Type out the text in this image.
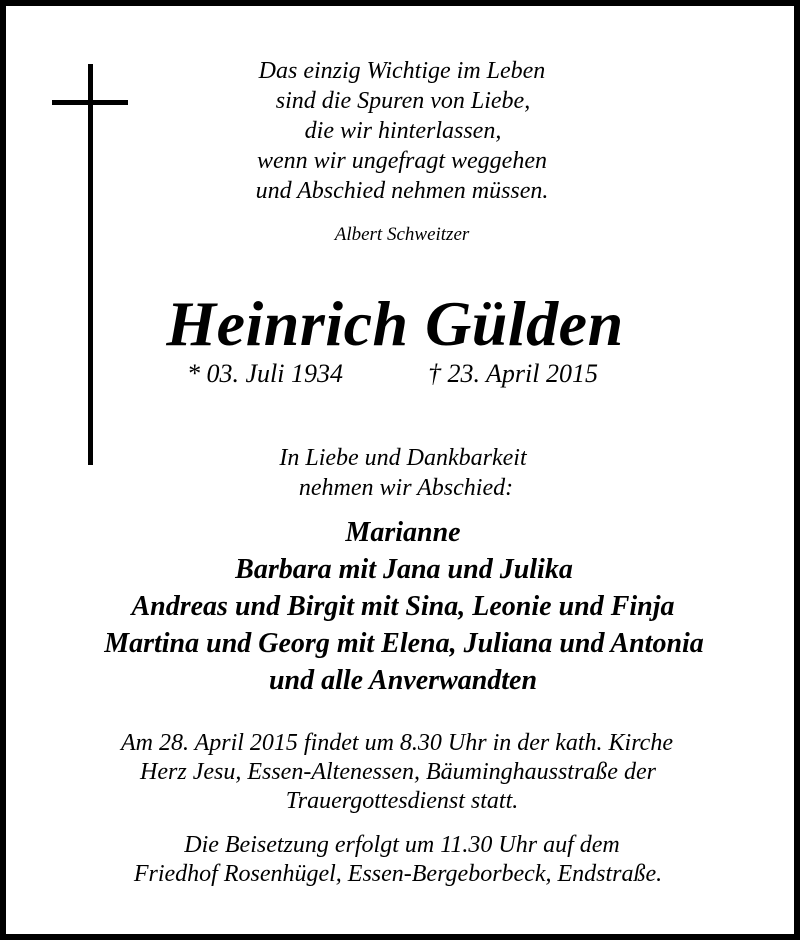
Das einzig Wichtige im Leben
sind die Spuren von Liebe,
die wir hinterlassen,
wenn wir ungefragt weggehen
und Abschied nehmen müssen.
Albert Schweitzer
Heinrich Gülden
* 03. Juli 1934	† 23. April 2015
In Liebe und Dankbarkeit
nehmen wir Abschied:
Marianne
Barbara mit Jana und Julika
Andreas und Birgit mit Sina, Leonie und Finja
Martina und Georg mit Elena, Juliana und Antonia
und alle Anverwandten
Am 28. April 2015 findet um 8.30 Uhr in der kath. Kirche
Herz Jesu, Essen-Altenessen, Bäuminghausstraße der
Trauergottesdienst statt.
Die Beisetzung erfolgt um 11.30 Uhr auf dem
Friedhof Rosenhügel, Essen-Bergeborbeck, Endstraße.
